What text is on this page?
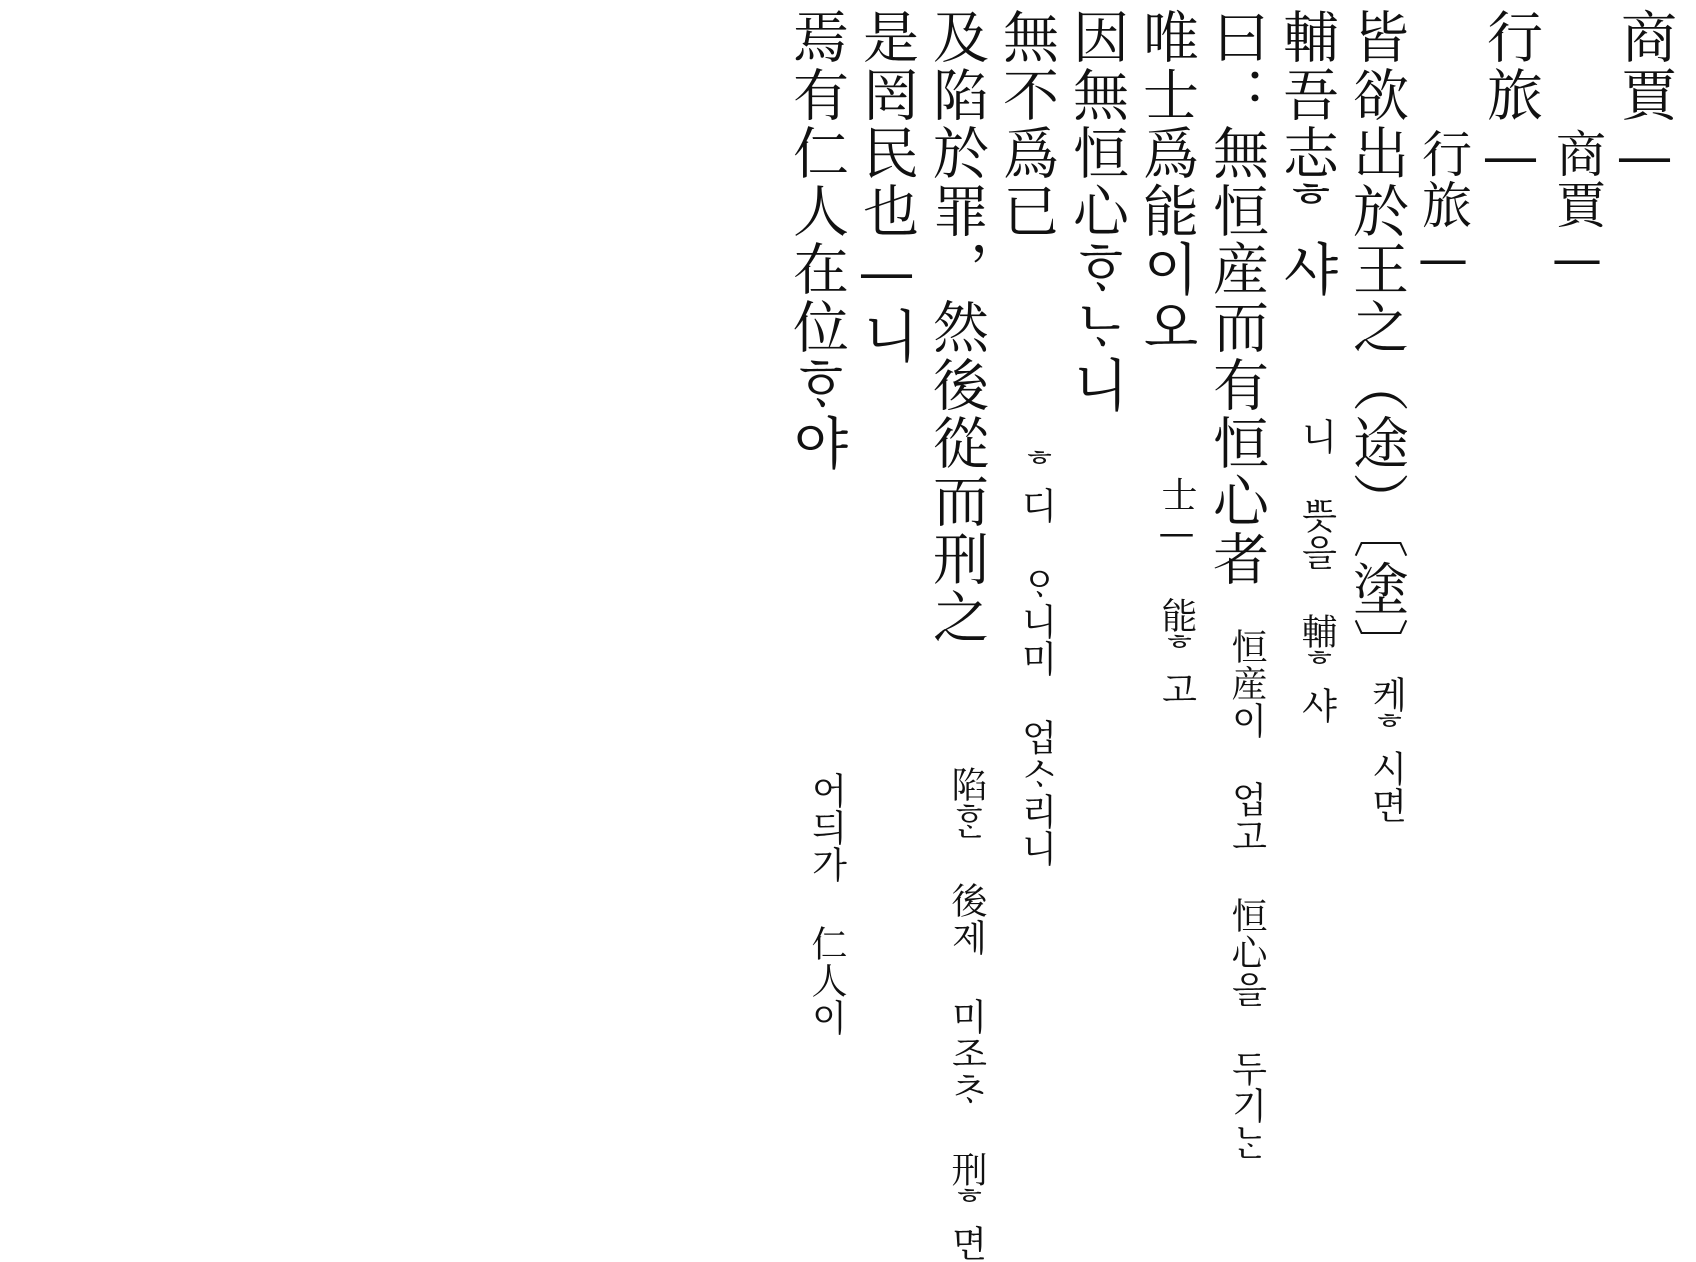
焉有仁人在位ᄒᆞ야
어듸가 仁人이
是罔民也—니 及陷於罪，然後從而刑之
陷ᄒᆞᆫ 後제 미조ᄎᆞ 刑ᄒ면
無不爲已
ᄒ디 ᄋᆞ니미 업ᄉᆞ리니
因無恒心ᄒᆞᄂᆞ니 唯士爲能이오
士— 能ᄒ고
曰：無恒産而有恒心者
恒産이 업고 恒心을 두기ᄂᆞᆫ
輔吾志ᄒ샤
니 ᄠᅳᆺ을 輔ᄒ샤 皆欲出於王之（途）〔塗〕
케ᄒ시면
行旅—
行旅—
商賈—
商賈—
